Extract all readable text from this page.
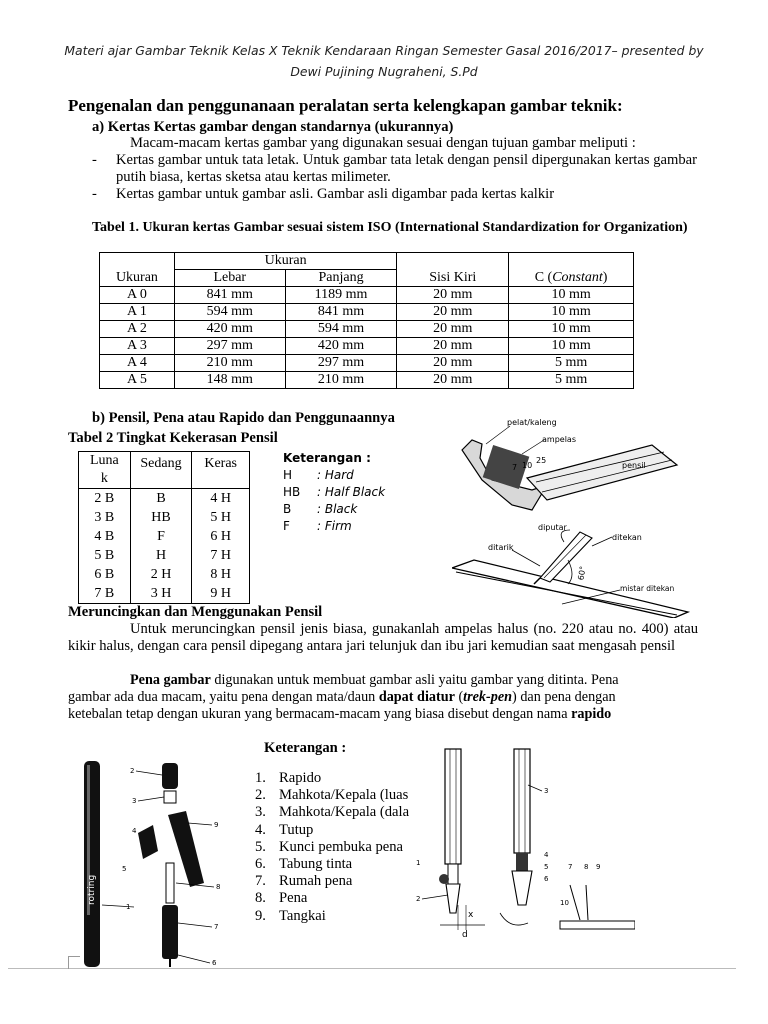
Materi ajar Gambar Teknik Kelas X Teknik Kendaraan Ringan Semester Gasal 2016/2017– presented by
Dewi Pujining Nugraheni, S.Pd
Pengenalan dan penggunanaan peralatan serta kelengkapan gambar teknik:
a) Kertas Kertas gambar dengan standarnya (ukurannya)
Macam-macam kertas gambar yang digunakan sesuai dengan tujuan gambar meliputi :
-	Kertas gambar untuk tata letak. Untuk gambar tata letak dengan pensil dipergunakan kertas gambar putih biasa, kertas sketsa atau kertas milimeter.
-	Kertas gambar untuk gambar asli. Gambar asli digambar pada kertas kalkir
Tabel 1. Ukuran kertas Gambar sesuai sistem ISO (International Standardization for Organization)
	Ukuran			
Ukuran	Lebar	Panjang	Sisi Kiri	C (Constant)
A 0	841 mm	1189 mm	20 mm	10 mm
A 1	594 mm	841 mm	20 mm	10 mm
A 2	420 mm	594 mm	20 mm	10 mm
A 3	297 mm	420 mm	20 mm	10 mm
A 4	210 mm	297 mm	20 mm	5 mm
A 5	148 mm	210 mm	20 mm	5 mm
b) Pensil, Pena atau Rapido dan Penggunaannya
Tabel 2 Tingkat Kekerasan Pensil
Luna
k	Sedang	Keras
2 B	B	4 H
3 B	HB	5 H
4 B	F	6 H
5 B	H	7 H
6 B	2 H	8 H
7 B	3 H	9 H
Keterangan :
H : Hard
HB : Half Black
B : Black
F : Firm
pelat/kaleng
ampelas
pensil
25
10
7
diputar
ditekan
ditarik
60°
mistar ditekan
Meruncingkan dan Menggunakan Pensil
Untuk meruncingkan pensil jenis biasa, gunakanlah ampelas halus (no. 220 atau no. 400) atau kikir halus, dengan cara pensil dipegang antara jari telunjuk dan ibu jari kemudian saat mengasah pensil
Pena gambar digunakan untuk membuat gambar asli yaitu gambar yang ditinta. Pena
gambar ada dua macam, yaitu pena dengan mata/daun dapat diatur (trek-pen) dan pena dengan
ketebalan tetap dengan ukuran yang bermacam-macam yang biasa disebut dengan nama rapido
rotring
2
3
4
5
9
8
1
7
6
Keterangan :
1. Rapido
2. Mahkota/Kepala (luas
3. Mahkota/Kepala (dala
4. Tutup
5. Kunci pembuka pena
6. Tabung tinta
7. Rumah pena
8. Pena
9. Tangkai	x
d
3
4
1
2
5
6
7 8 9
10
